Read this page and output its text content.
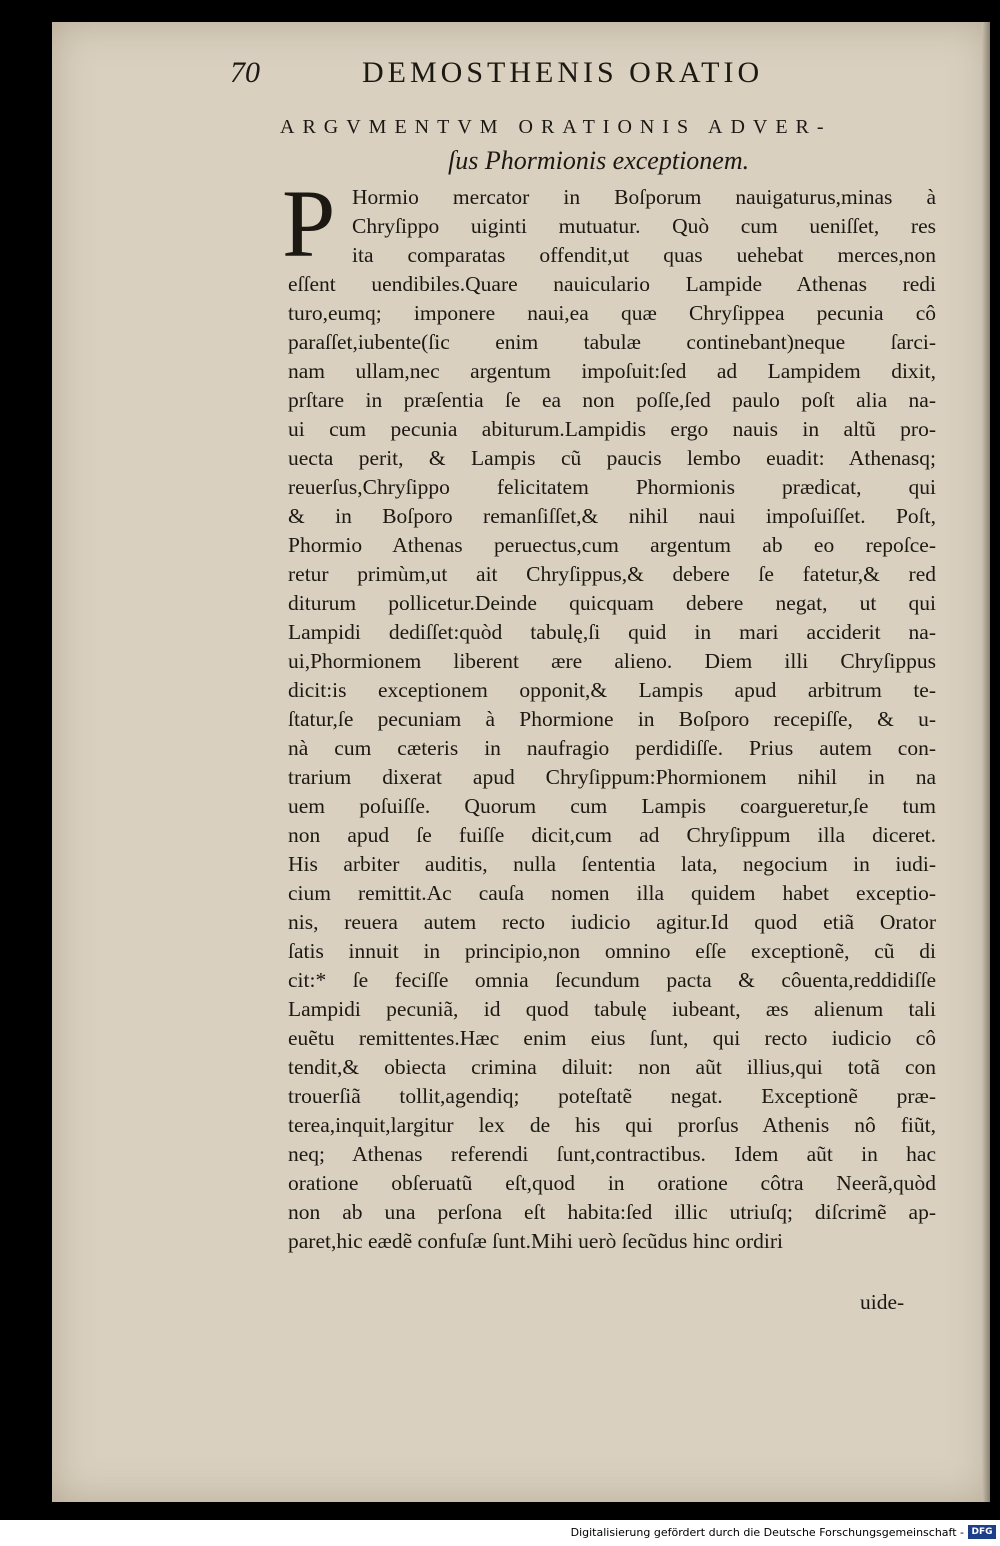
70	DEMOSTHENIS ORATIO
ARGVMENTVM ORATIONIS ADVER-
ſus Phormionis exceptionem.
P Hormio mercator in Boſporum nauigaturus,minas à
Chryſippo uiginti mutuatur. Quò cum ueniſſet, res
ita comparatas offendit,ut quas uehebat merces,non
eſſent uendibiles.Quare nauiculario Lampide Athenas redi
turo,eumq; imponere naui,ea quæ Chryſippea pecunia cô
paraſſet,iubente(ſic enim tabulæ continebant)neque ſarci-
nam ullam,nec argentum impoſuit:ſed ad Lampidem dixit,
prſtare in præſentia ſe ea non poſſe,ſed paulo poſt alia na-
ui cum pecunia abiturum.Lampidis ergo nauis in altũ pro-
uecta perit, & Lampis cũ paucis lembo euadit: Athenasq;
reuerſus,Chryſippo felicitatem Phormionis prædicat, qui
& in Boſporo remanſiſſet,& nihil naui impoſuiſſet. Poſt,
Phormio Athenas peruectus,cum argentum ab eo repoſce-
retur primùm,ut ait Chryſippus,& debere ſe fatetur,& red
diturum pollicetur.Deinde quicquam debere negat, ut qui
Lampidi dediſſet:quòd tabulę,ſi quid in mari acciderit na-
ui,Phormionem liberent ære alieno. Diem illi Chryſippus
dicit:is exceptionem opponit,& Lampis apud arbitrum te-
ſtatur,ſe pecuniam à Phormione in Boſporo recepiſſe, & u-
nà cum cæteris in naufragio perdidiſſe. Prius autem con-
trarium dixerat apud Chryſippum:Phormionem nihil in na
uem poſuiſſe. Quorum cum Lampis coargueretur,ſe tum
non apud ſe fuiſſe dicit,cum ad Chryſippum illa diceret.
His arbiter auditis, nulla ſententia lata, negocium in iudi-
cium remittit.Ac cauſa nomen illa quidem habet exceptio-
nis, reuera autem recto iudicio agitur.Id quod etiã Orator
ſatis innuit in principio,non omnino eſſe exceptionẽ, cũ di
cit:* ſe feciſſe omnia ſecundum pacta & côuenta,reddidiſſe
Lampidi pecuniã, id quod tabulę iubeant, æs alienum tali
euẽtu remittentes.Hæc enim eius ſunt, qui recto iudicio cô
tendit,& obiecta crimina diluit: non aũt illius,qui totã con
trouerſiã tollit,agendiq; poteſtatẽ negat. Exceptionẽ præ-
terea,inquit,largitur lex de his qui prorſus Athenis nô fiũt,
neq; Athenas referendi ſunt,contractibus. Idem aũt in hac
oratione obſeruatũ eſt,quod in oratione côtra Neerã,quòd
non ab una perſona eſt habita:ſed illic utriuſq; diſcrimẽ ap-
paret,hic eædẽ confuſæ ſunt.Mihi uerò ſecũdus hinc ordiri
uide-
Digitalisierung gefördert durch die Deutsche Forschungsgemeinschaft - DFG
